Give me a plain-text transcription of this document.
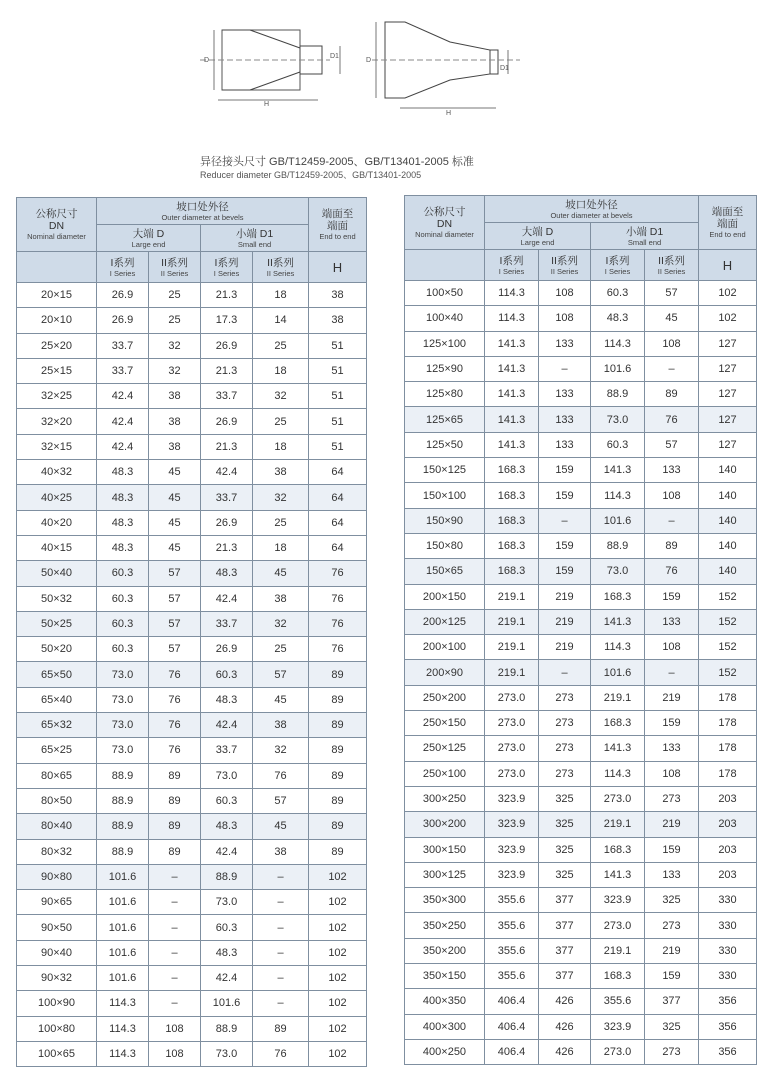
D
D1
H
D
D1
H
异径接头尺寸 GB/T12459-2005、GB/T13401-2005 标准
Reducer diameter GB/T12459-2005、GB/T13401-2005
公称尺寸
DN
Nominal diameter	坡口处外径
Outer diameter at bevels				端面至
端面
End to end

	大端 D
Large end		小端 D1
Small end		

	I系列
I Series	II系列
II Series	I系列
I Series	II系列
II Series	H
20×15	26.9	25	21.3	18	38
20×10	26.9	25	17.3	14	38
25×20	33.7	32	26.9	25	51
25×15	33.7	32	21.3	18	51
32×25	42.4	38	33.7	32	51
32×20	42.4	38	26.9	25	51
32×15	42.4	38	21.3	18	51
40×32	48.3	45	42.4	38	64
40×25	48.3	45	33.7	32	64
40×20	48.3	45	26.9	25	64
40×15	48.3	45	21.3	18	64
50×40	60.3	57	48.3	45	76
50×32	60.3	57	42.4	38	76
50×25	60.3	57	33.7	32	76
50×20	60.3	57	26.9	25	76
65×50	73.0	76	60.3	57	89
65×40	73.0	76	48.3	45	89
65×32	73.0	76	42.4	38	89
65×25	73.0	76	33.7	32	89
80×65	88.9	89	73.0	76	89
80×50	88.9	89	60.3	57	89
80×40	88.9	89	48.3	45	89
80×32	88.9	89	42.4	38	89
90×80	101.6	–	88.9	–	102
90×65	101.6	–	73.0	–	102
90×50	101.6	–	60.3	–	102
90×40	101.6	–	48.3	–	102
90×32	101.6	–	42.4	–	102
100×90	114.3	–	101.6	–	102
100×80	114.3	108	88.9	89	102
100×65	114.3	108	73.0	76	102
公称尺寸
DN
Nominal diameter	坡口处外径
Outer diameter at bevels				端面至
端面
End to end

	大端 D
Large end		小端 D1
Small end		

	I系列
I Series	II系列
II Series	I系列
I Series	II系列
II Series	H
100×50	114.3	108	60.3	57	102
100×40	114.3	108	48.3	45	102
125×100	141.3	133	114.3	108	127
125×90	141.3	–	101.6	–	127
125×80	141.3	133	88.9	89	127
125×65	141.3	133	73.0	76	127
125×50	141.3	133	60.3	57	127
150×125	168.3	159	141.3	133	140
150×100	168.3	159	114.3	108	140
150×90	168.3	–	101.6	–	140
150×80	168.3	159	88.9	89	140
150×65	168.3	159	73.0	76	140
200×150	219.1	219	168.3	159	152
200×125	219.1	219	141.3	133	152
200×100	219.1	219	114.3	108	152
200×90	219.1	–	101.6	–	152
250×200	273.0	273	219.1	219	178
250×150	273.0	273	168.3	159	178
250×125	273.0	273	141.3	133	178
250×100	273.0	273	114.3	108	178
300×250	323.9	325	273.0	273	203
300×200	323.9	325	219.1	219	203
300×150	323.9	325	168.3	159	203
300×125	323.9	325	141.3	133	203
350×300	355.6	377	323.9	325	330
350×250	355.6	377	273.0	273	330
350×200	355.6	377	219.1	219	330
350×150	355.6	377	168.3	159	330
400×350	406.4	426	355.6	377	356
400×300	406.4	426	323.9	325	356
400×250	406.4	426	273.0	273	356
